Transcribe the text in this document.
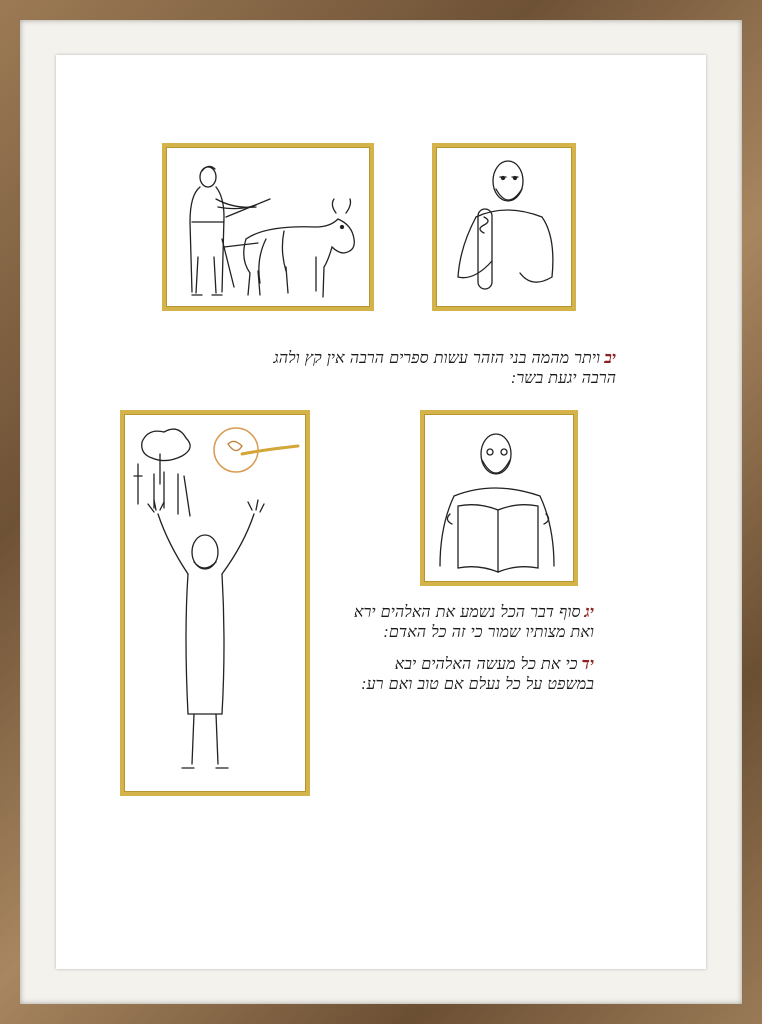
יבויתר מהמה בני הזהר עשות ספרים הרבה אין קץ ולהג
הרבה יגעת בשר ׃
יגסוף דבר הכל נשמע את האלהים ירא
ואת מצותיו שמור כי זה כל האדם ׃
ידכי את כל מעשה האלהים יבא
במשפט על כל נעלם אם טוב ואם רע ׃
